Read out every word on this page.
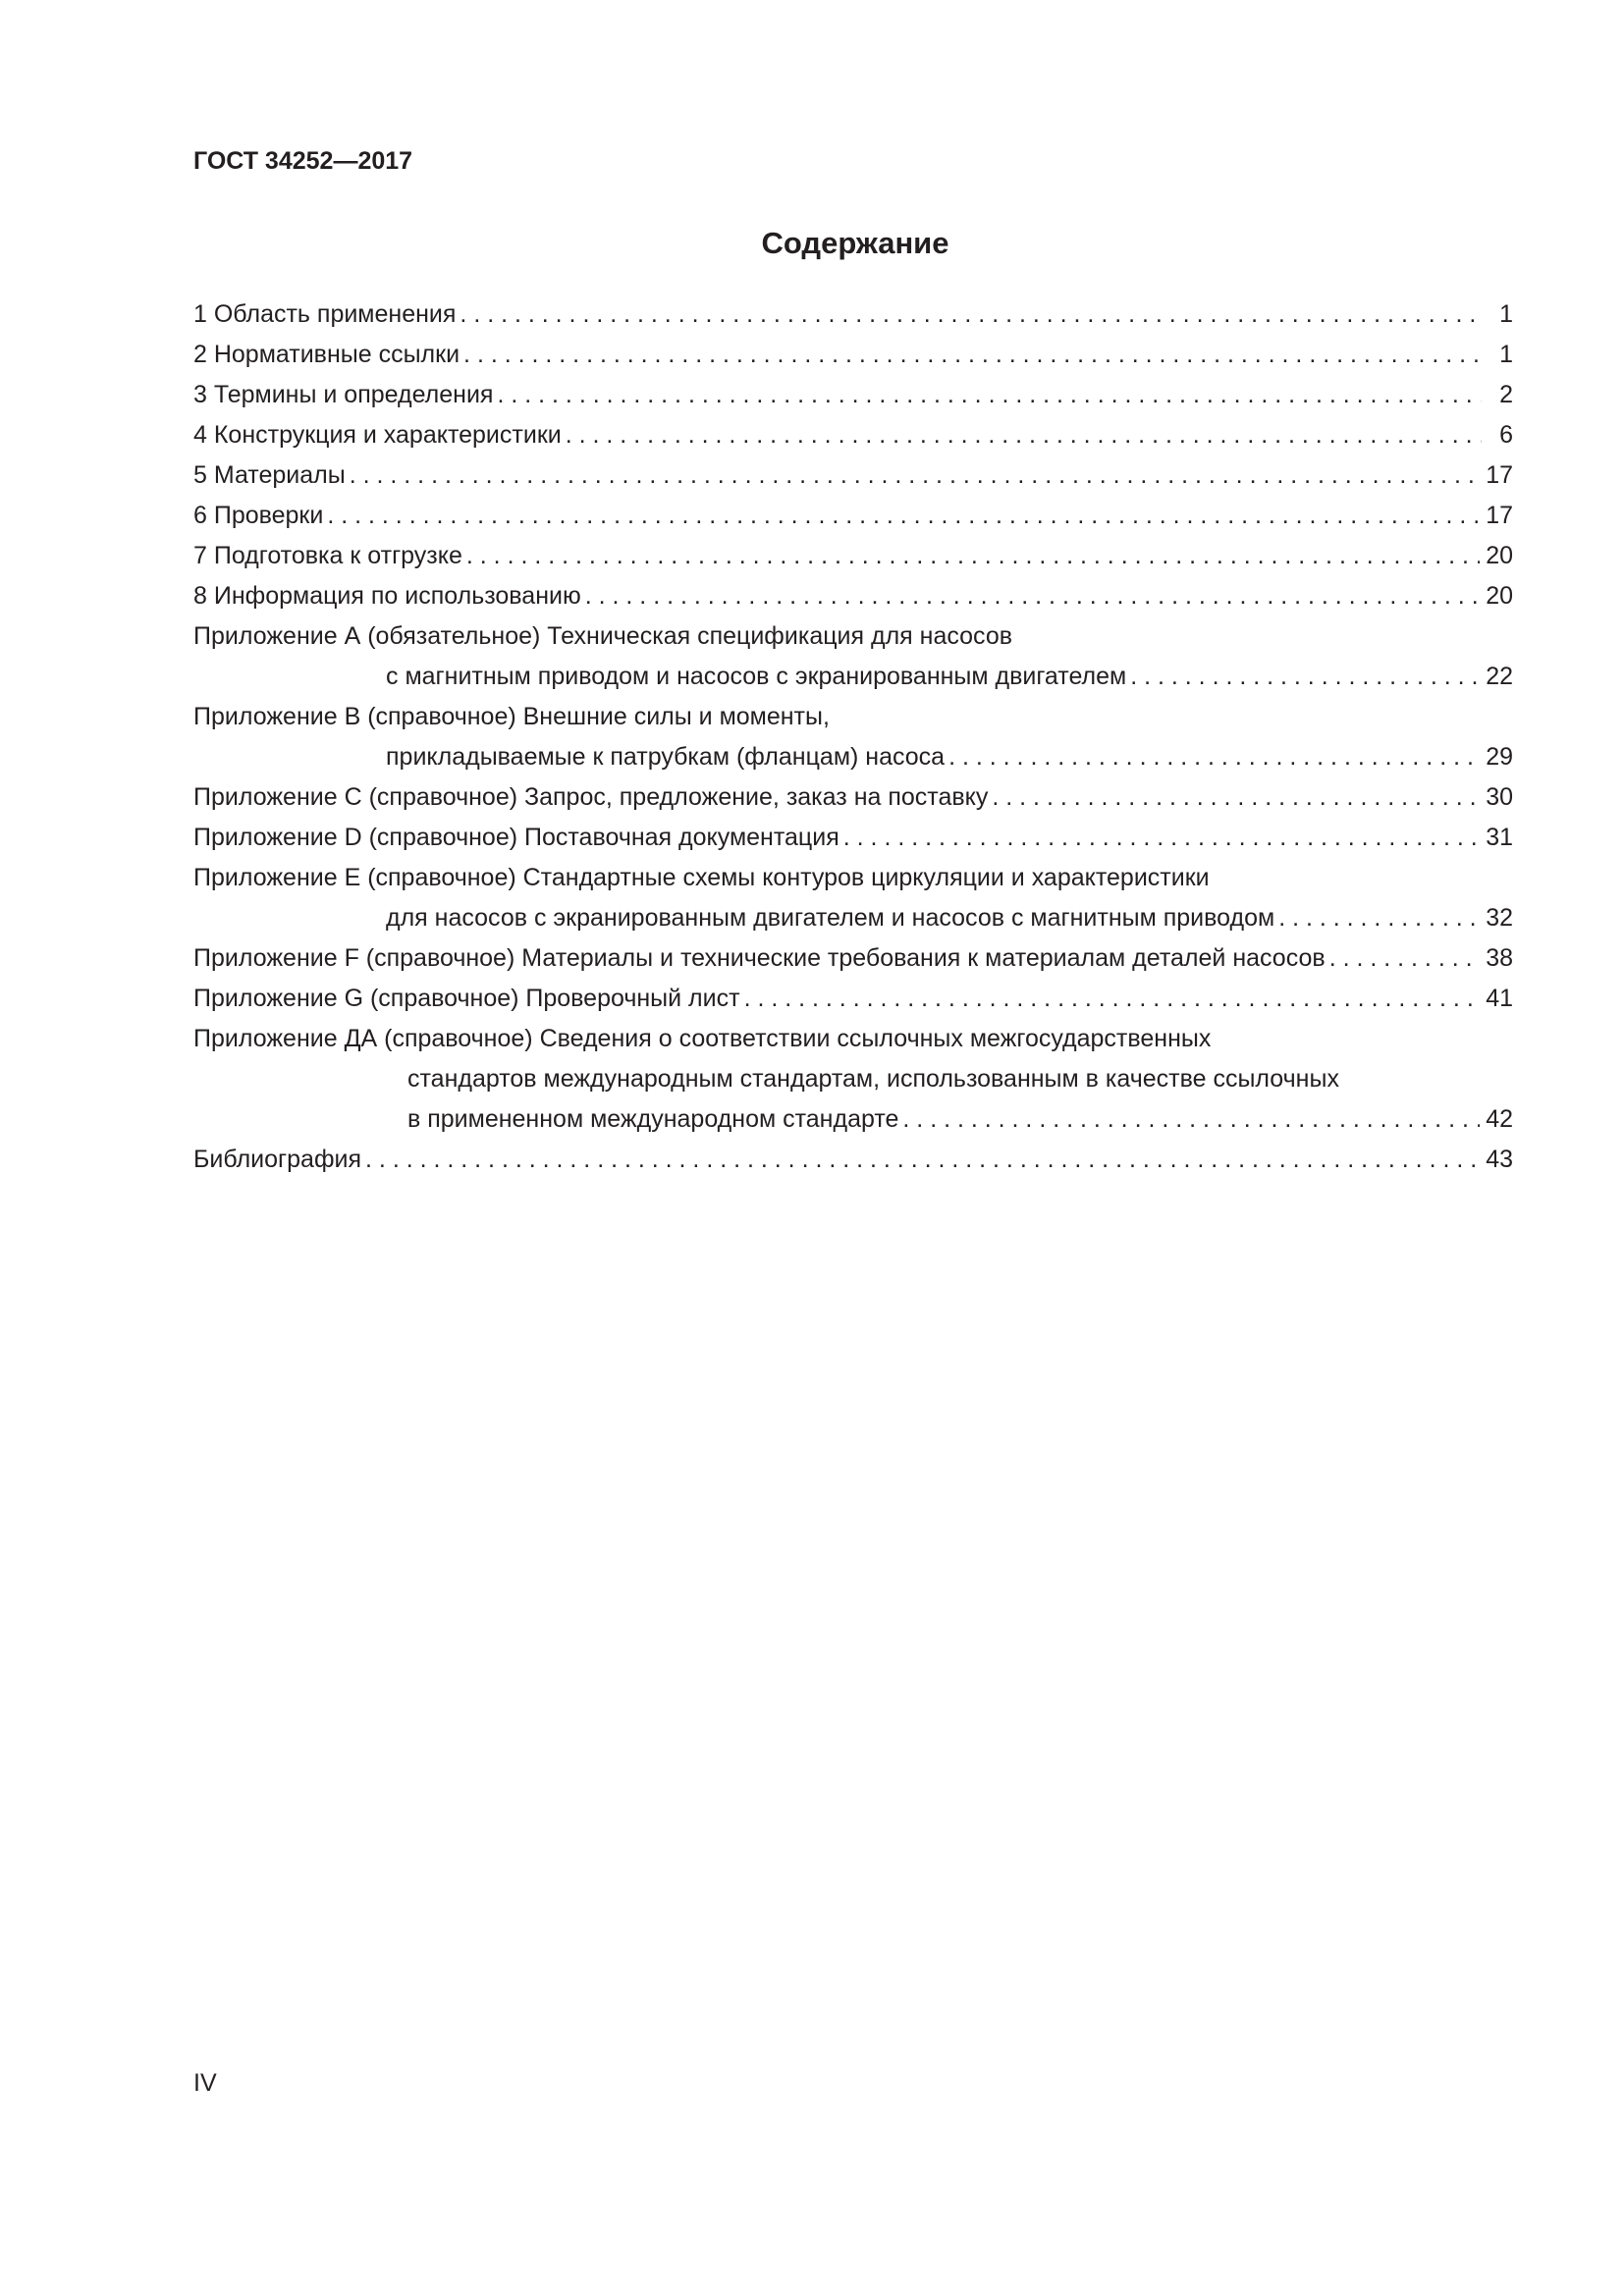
ГОСТ 34252—2017

Содержание
1 Область применения . . .	1
2 Нормативные ссылки . . .	1
3 Термины и определения . . .	2
4 Конструкция и характеристики . . .	6
5 Материалы . . .	17
6 Проверки . . .	17
7 Подготовка к отгрузке . . .	20
8 Информация по использованию . . .	20
Приложение А (обязательное) Техническая спецификация для насосов
с магнитным приводом и насосов с экранированным двигателем . . .	22
Приложение В (справочное) Внешние силы и моменты,
прикладываемые к патрубкам (фланцам) насоса . . .	29
Приложение С (справочное) Запрос, предложение, заказ на поставку . . .	30
Приложение D (справочное) Поставочная документация . . .	31
Приложение Е (справочное) Стандартные схемы контуров циркуляции и характеристики
для насосов с экранированным двигателем и насосов с магнитным приводом . . .	32
Приложение F (справочное) Материалы и технические требования к материалам деталей насосов . . .	38
Приложение G (справочное) Проверочный лист . . .	41
Приложение ДА (справочное) Сведения о соответствии ссылочных межгосударственных
стандартов международным стандартам, использованным в качестве ссылочных
в примененном международном стандарте . . .	42
Библиография . . .	43

IV
